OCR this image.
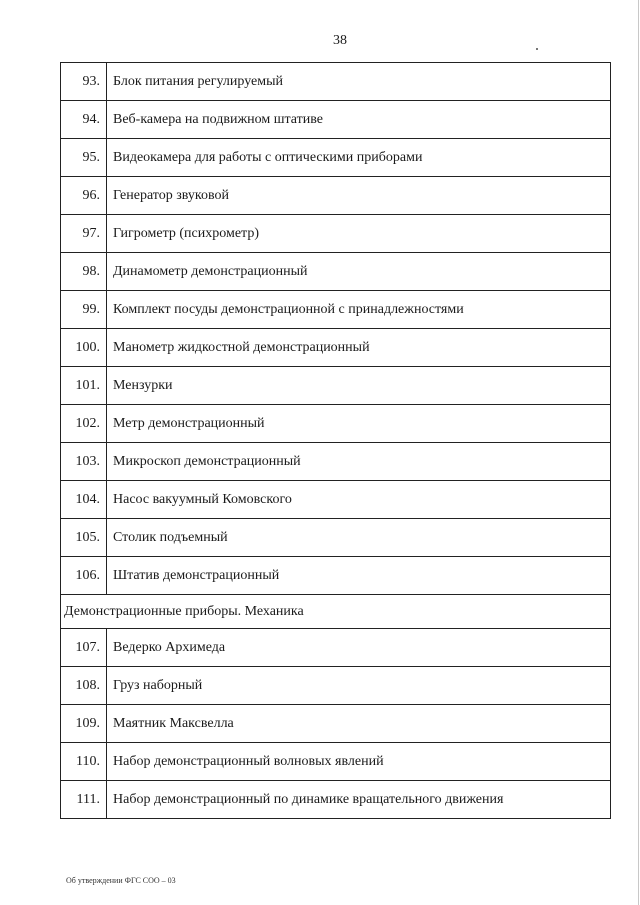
38
93.	Блок питания регулируемый
94.	Веб-камера на подвижном штативе
95.	Видеокамера для работы с оптическими приборами
96.	Генератор звуковой
97.	Гигрометр (психрометр)
98.	Динамометр демонстрационный
99.	Комплект посуды демонстрационной с принадлежностями
100.	Манометр жидкостной демонстрационный
101.	Мензурки
102.	Метр демонстрационный
103.	Микроскоп демонстрационный
104.	Насос вакуумный Комовского
105.	Столик подъемный
106.	Штатив демонстрационный
Демонстрационные приборы. Механика	
107.	Ведерко Архимеда
108.	Груз наборный
109.	Маятник Максвелла
110.	Набор демонстрационный волновых явлений
111.	Набор демонстрационный по динамике вращательного движения
Об утверждении ФГС СОО – 03
